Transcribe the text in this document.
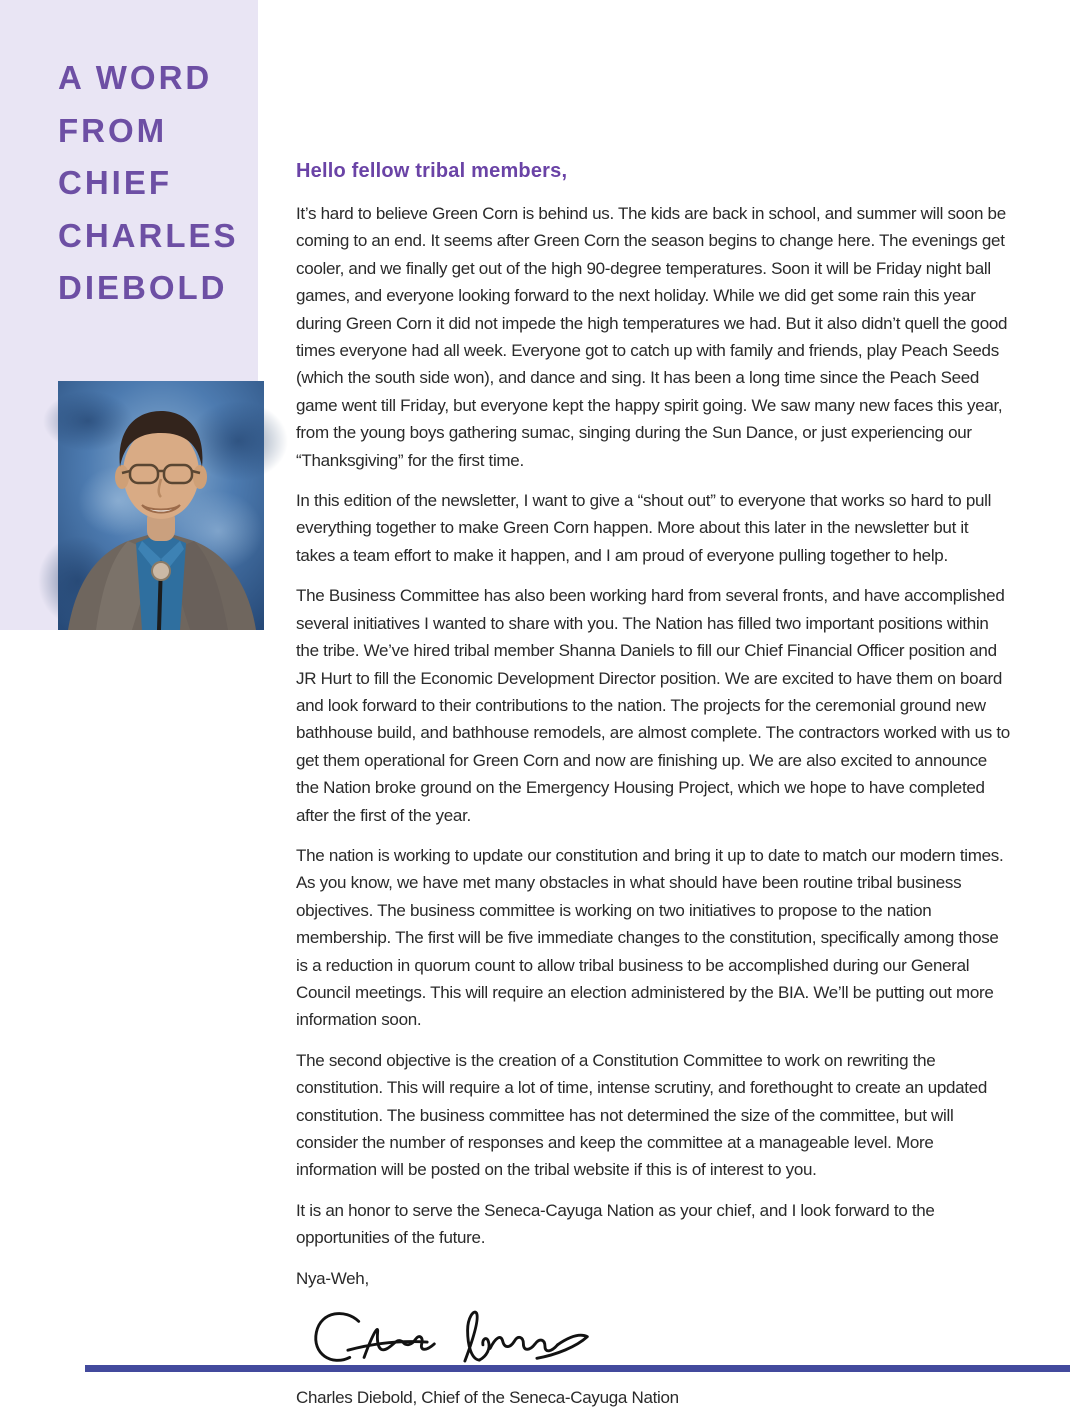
A WORD
FROM
CHIEF
CHARLES
DIEBOLD
Hello fellow tribal members,

It’s hard to believe Green Corn is behind us. The kids are back in school, and summer will soon be coming to an end. It seems after Green Corn the season begins to change here. The evenings get cooler, and we finally get out of the high 90-degree temperatures. Soon it will be Friday night ball games, and everyone looking forward to the next holiday. While we did get some rain this year during Green Corn it did not impede the high temperatures we had. But it also didn’t quell the good times everyone had all week. Everyone got to catch up with family and friends, play Peach Seeds (which the south side won), and dance and sing. It has been a long time since the Peach Seed game went till Friday, but everyone kept the happy spirit going. We saw many new faces this year, from the young boys gathering sumac, singing during the Sun Dance, or just experiencing our “Thanksgiving” for the first time.

In this edition of the newsletter, I want to give a “shout out” to everyone that works so hard to pull everything together to make Green Corn happen. More about this later in the newsletter but it takes a team effort to make it happen, and I am proud of everyone pulling together to help.

The Business Committee has also been working hard from several fronts, and have accomplished several initiatives I wanted to share with you. The Nation has filled two important positions within the tribe. We’ve hired tribal member Shanna Daniels to fill our Chief Financial Officer position and JR Hurt to fill the Economic Development Director position. We are excited to have them on board and look forward to their contributions to the nation. The projects for the ceremonial ground new bathhouse build, and bathhouse remodels, are almost complete. The contractors worked with us to get them operational for Green Corn and now are finishing up. We are also excited to announce the Nation broke ground on the Emergency Housing Project, which we hope to have completed after the first of the year.

The nation is working to update our constitution and bring it up to date to match our modern times. As you know, we have met many obstacles in what should have been routine tribal business objectives. The business committee is working on two initiatives to propose to the nation membership. The first will be five immediate changes to the constitution, specifically among those is a reduction in quorum count to allow tribal business to be accomplished during our General Council meetings. This will require an election administered by the BIA. We’ll be putting out more information soon.

The second objective is the creation of a Constitution Committee to work on rewriting the constitution. This will require a lot of time, intense scrutiny, and forethought to create an updated constitution. The business committee has not determined the size of the committee, but will consider the number of responses and keep the committee at a manageable level. More information will be posted on the tribal website if this is of interest to you.

It is an honor to serve the Seneca-Cayuga Nation as your chief, and I look forward to the opportunities of the future.

Nya-Weh,

Charles Diebold, Chief of the Seneca-Cayuga Nation
